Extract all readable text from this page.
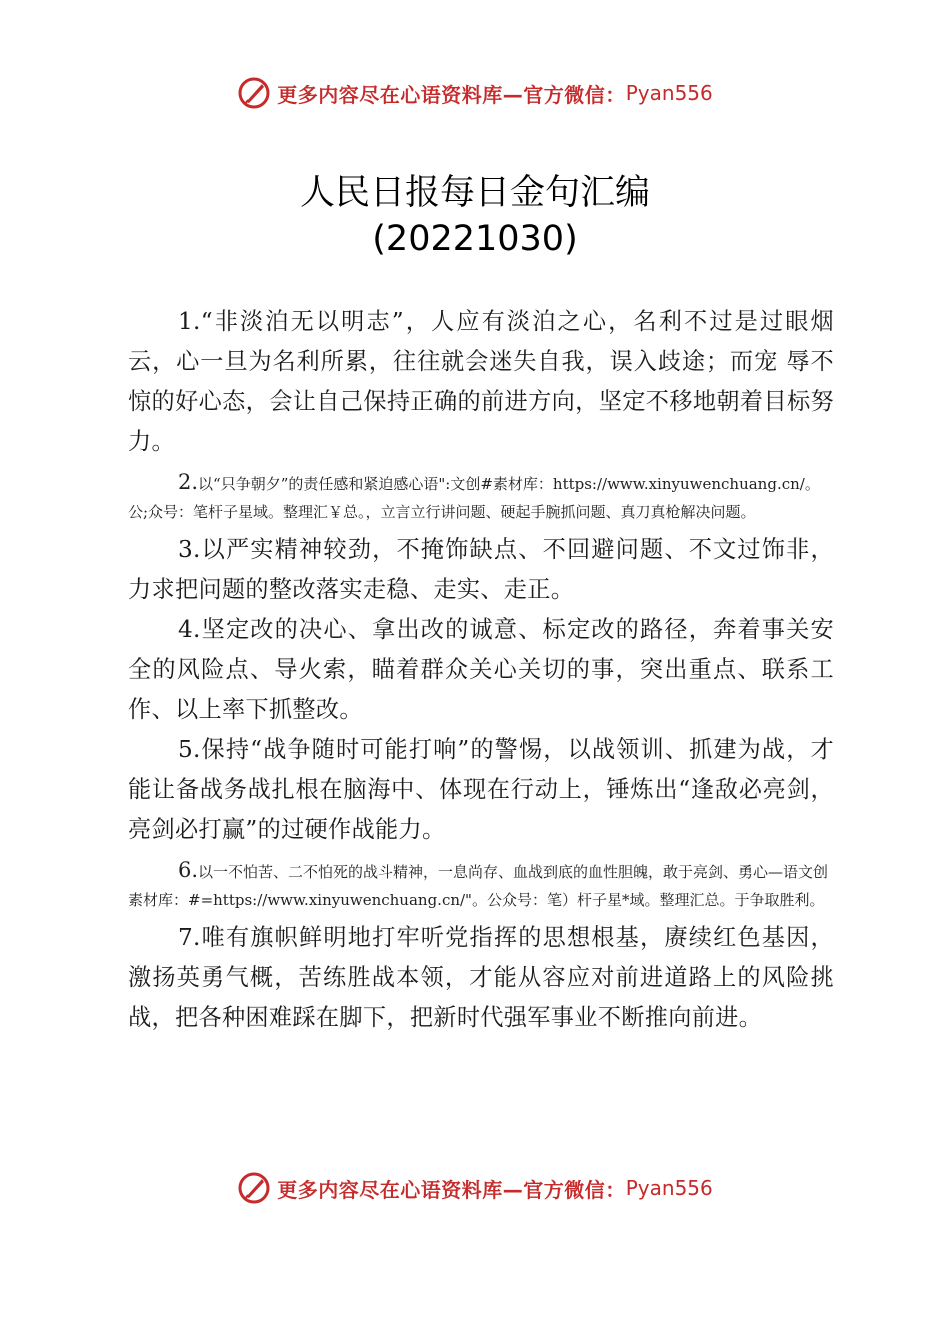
更多内容尽在心语资料库—官方微信： Pyan556
人民日报每日金句汇编
(20221030)

1.“非淡泊无以明志”，人应有淡泊之心，名利不过是过眼烟云，心一旦为名利所累，往往就会迷失自我，误入歧途；而宠 辱不惊的好心态，会让自己保持正确的前进方向，坚定不移地朝着目标努力。

2.以“只争朝夕”的责任感和紧迫感心语":文创#素材库：https://www.xinyuwenchuang.cn/。公;众号：笔杆子星域。整理汇￥总。，立言立行讲问题、硬起手腕抓问题、真刀真枪解决问题。

3.以严实精神较劲，不掩饰缺点、不回避问题、不文过饰非，力求把问题的整改落实走稳、走实、走正。

4.坚定改的决心、拿出改的诚意、标定改的路径，奔着事关安全的风险点、导火索，瞄着群众关心关切的事，突出重点、联系工作、以上率下抓整改。

5.保持“战争随时可能打响”的警惕，以战领训、抓建为战，才能让备战务战扎根在脑海中、体现在行动上，锤炼出“逢敌必亮剑，亮剑必打赢”的过硬作战能力。

6.以一不怕苦、二不怕死的战斗精神，一息尚存、血战到底的血性胆魄，敢于亮剑、勇心—语文创素材库：#=https://www.xinyuwenchuang.cn/"。公众号：笔）杆子星*域。整理汇总。于争取胜利。

7.唯有旗帜鲜明地打牢听党指挥的思想根基，赓续红色基因，激扬英勇气概，苦练胜战本领，才能从容应对前进道路上的风险挑战，把各种困难踩在脚下，把新时代强军事业不断推向前进。

更多内容尽在心语资料库—官方微信： Pyan556
